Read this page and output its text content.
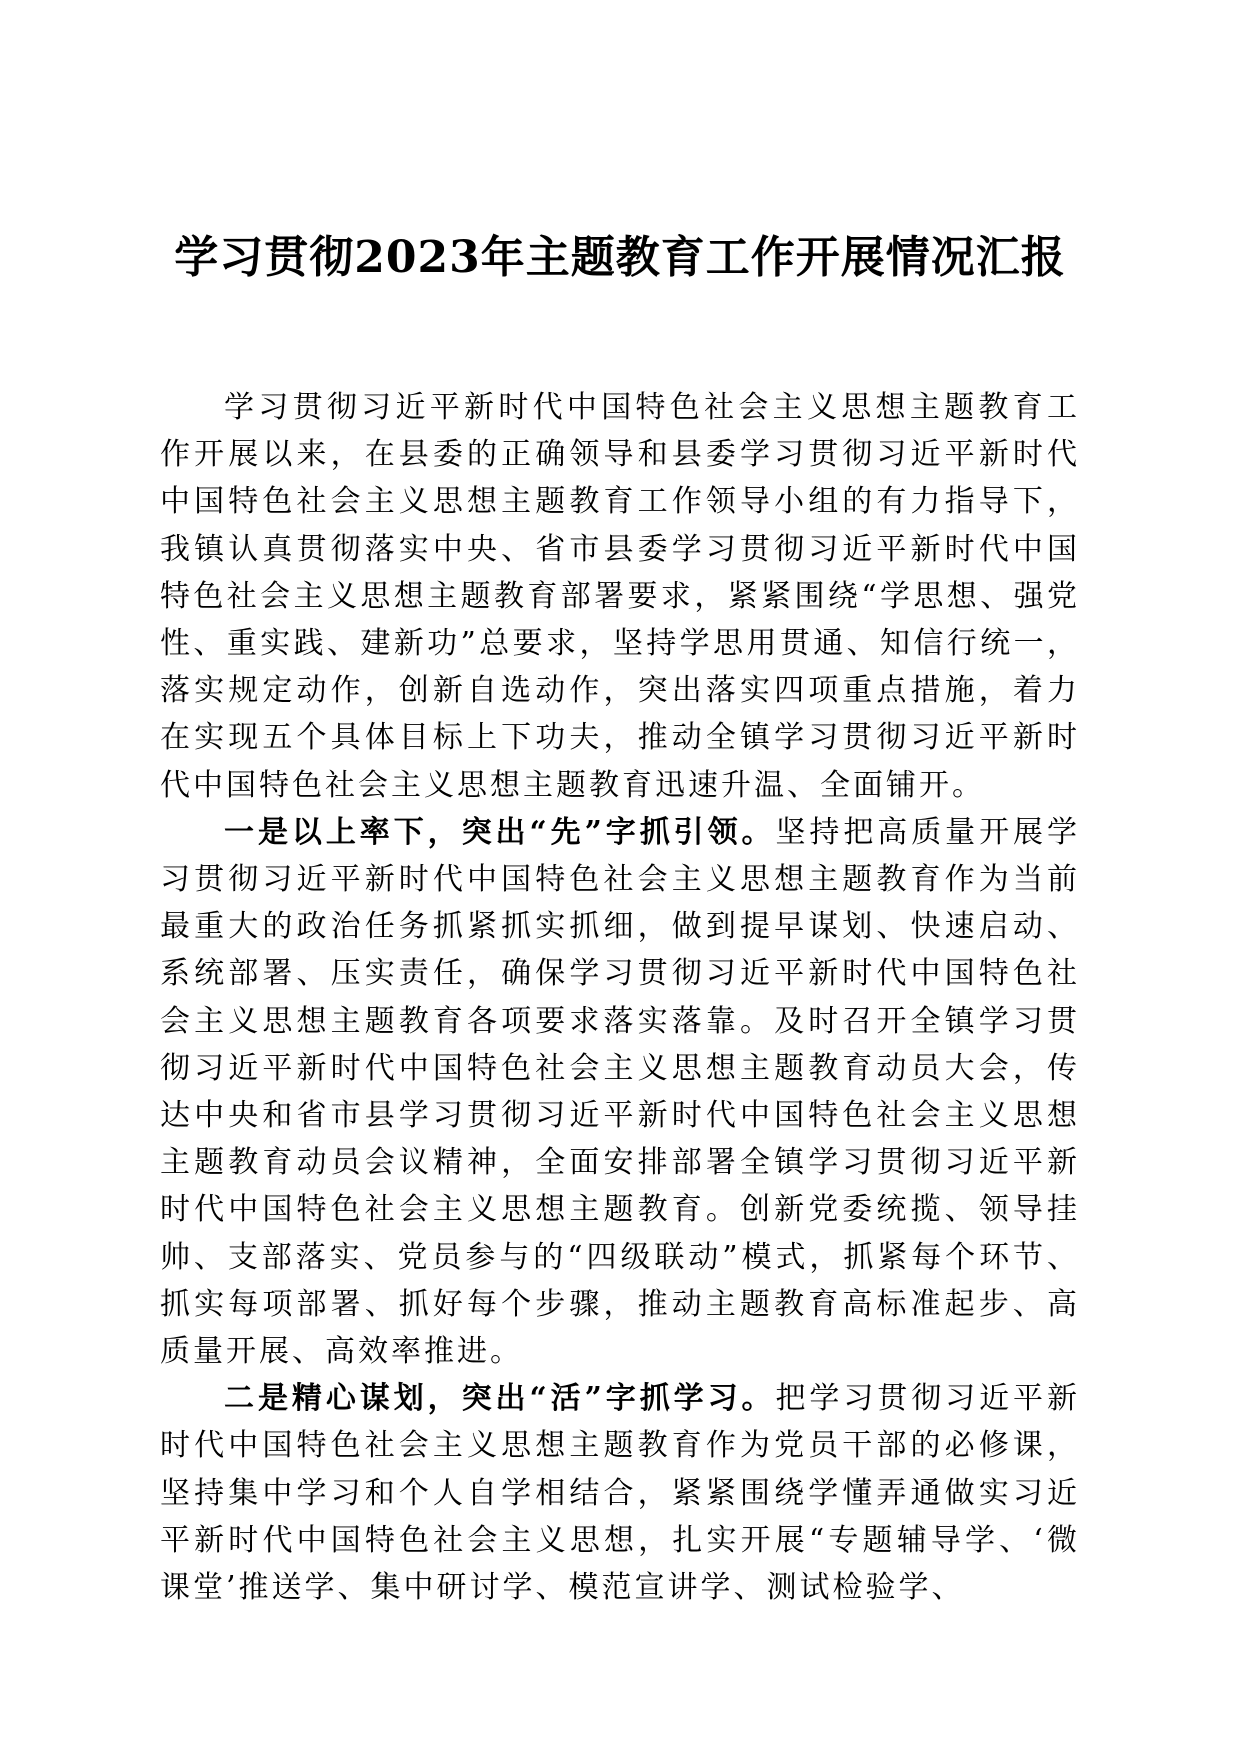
学习贯彻2023年主题教育工作开展情况汇报

学习贯彻习近平新时代中国特色社会主义思想主题教育工作开展以来，在县委的正确领导和县委学习贯彻习近平新时代中国特色社会主义思想主题教育工作领导小组的有力指导下，我镇认真贯彻落实中央、省市县委学习贯彻习近平新时代中国特色社会主义思想主题教育部署要求，紧紧围绕“学思想、强党性、重实践、建新功”总要求，坚持学思用贯通、知信行统一，落实规定动作，创新自选动作，突出落实四项重点措施，着力在实现五个具体目标上下功夫，推动全镇学习贯彻习近平新时代中国特色社会主义思想主题教育迅速升温、全面铺开。

一是以上率下，突出“先”字抓引领。坚持把高质量开展学习贯彻习近平新时代中国特色社会主义思想主题教育作为当前最重大的政治任务抓紧抓实抓细，做到提早谋划、快速启动、系统部署、压实责任，确保学习贯彻习近平新时代中国特色社会主义思想主题教育各项要求落实落靠。及时召开全镇学习贯彻习近平新时代中国特色社会主义思想主题教育动员大会，传达中央和省市县学习贯彻习近平新时代中国特色社会主义思想主题教育动员会议精神，全面安排部署全镇学习贯彻习近平新时代中国特色社会主义思想主题教育。创新党委统揽、领导挂帅、支部落实、党员参与的“四级联动”模式，抓紧每个环节、抓实每项部署、抓好每个步骤，推动主题教育高标准起步、高质量开展、高效率推进。

二是精心谋划，突出“活”字抓学习。把学习贯彻习近平新时代中国特色社会主义思想主题教育作为党员干部的必修课，坚持集中学习和个人自学相结合，紧紧围绕学懂弄通做实习近平新时代中国特色社会主义思想，扎实开展“专题辅导学、‘微课堂’推送学、集中研讨学、模范宣讲学、测试检验学、
